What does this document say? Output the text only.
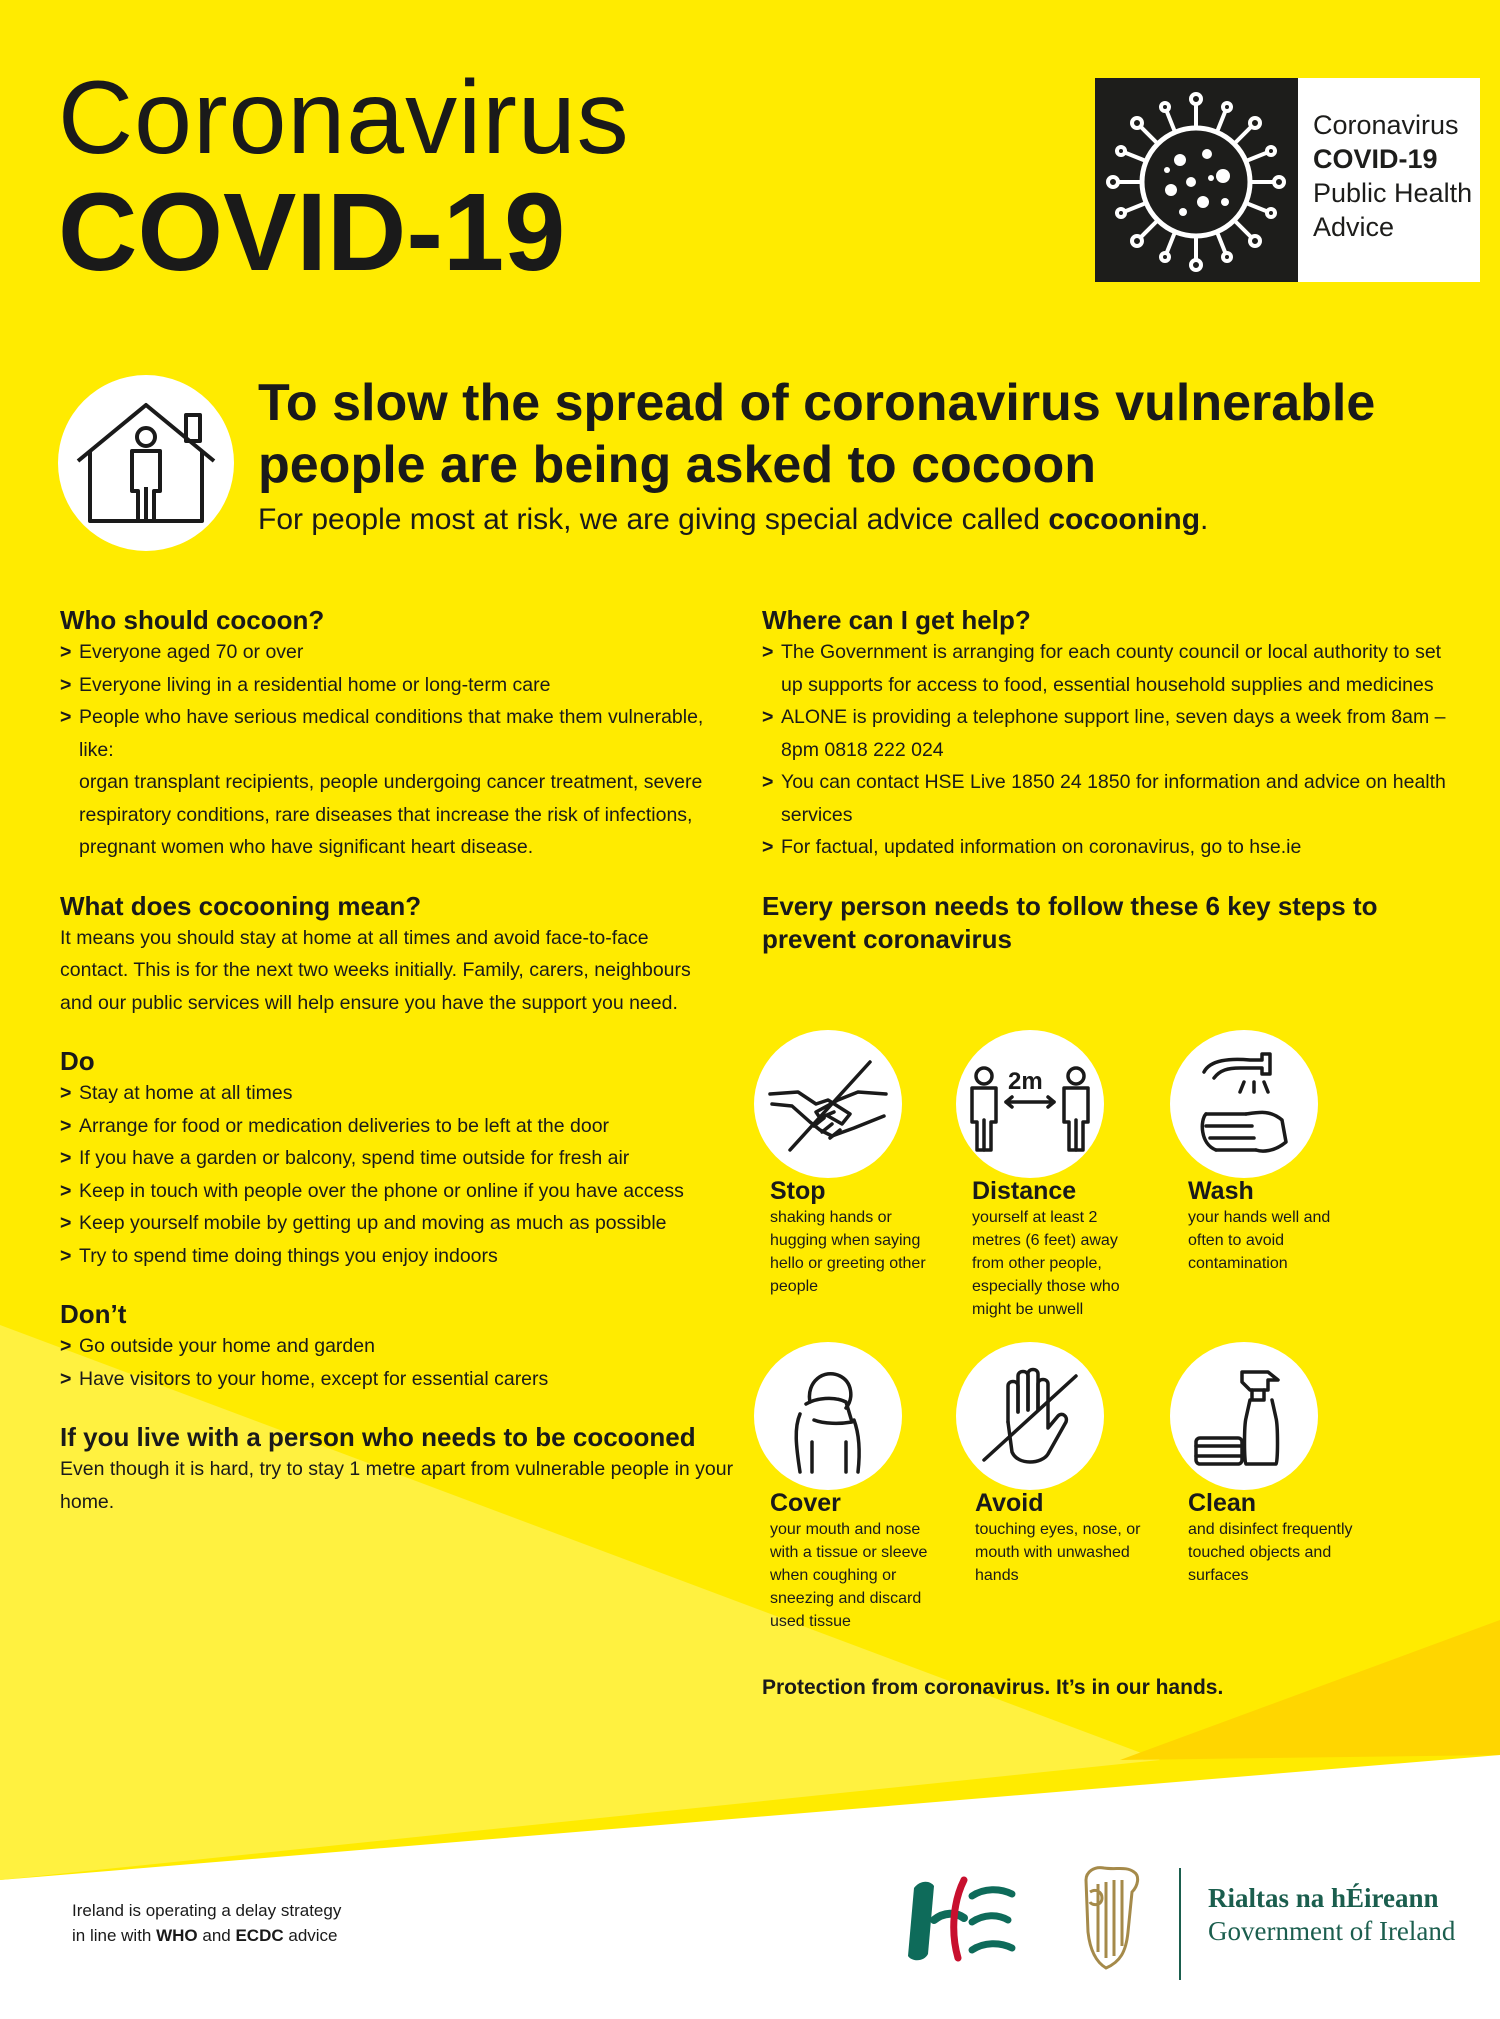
Coronavirus
COVID-19
Coronavirus
COVID-19
Public Health
Advice
To slow the spread of coronavirus vulnerable people are being asked to cocoon
For people most at risk, we are giving special advice called cocooning.
Who should cocoon?
> Everyone aged 70 or over
> Everyone living in a residential home or long-term care
> People who have serious medical conditions that make them vulnerable, like:

organ transplant recipients, people undergoing cancer treatment, severe respiratory conditions, rare diseases that increase the risk of infections, pregnant women who have significant heart disease.

What does cocooning mean?

It means you should stay at home at all times and avoid face-to-face contact. This is for the next two weeks initially. Family, carers, neighbours and our public services will help ensure you have the support you need.

Do
> Stay at home at all times
> Arrange for food or medication deliveries to be left at the door
> If you have a garden or balcony, spend time outside for fresh air
> Keep in touch with people over the phone or online if you have access
> Keep yourself mobile by getting up and moving as much as possible
> Try to spend time doing things you enjoy indoors
Don’t
> Go outside your home and garden
> Have visitors to your home, except for essential carers
If you live with a person who needs to be cocooned

Even though it is hard, try to stay 1 metre apart from vulnerable people in your home.

Where can I get help?
> The Government is arranging for each county council or local authority to set up supports for access to food, essential household supplies and medicines
> ALONE is providing a telephone support line, seven days a week from 8am – 8pm 0818 222 024
> You can contact HSE Live 1850 24 1850 for information and advice on health services
> For factual, updated information on coronavirus, go to hse.ie
Every person needs to follow these 6 key steps to prevent coronavirus
2m
Stop
shaking hands or hugging when saying hello or greeting other people
Distance
yourself at least 2 metres (6 feet) away from other people, especially those who might be unwell
Wash
your hands well and often to avoid contamination
Cover
your mouth and nose with a tissue or sleeve when coughing or sneezing and discard used tissue
Avoid
touching eyes, nose, or mouth with unwashed hands
Clean
and disinfect frequently touched objects and surfaces
Protection from coronavirus. It’s in our hands.
Ireland is operating a delay strategy
in line with WHO and ECDC advice
Rialtas na hÉireann
Government of Ireland
